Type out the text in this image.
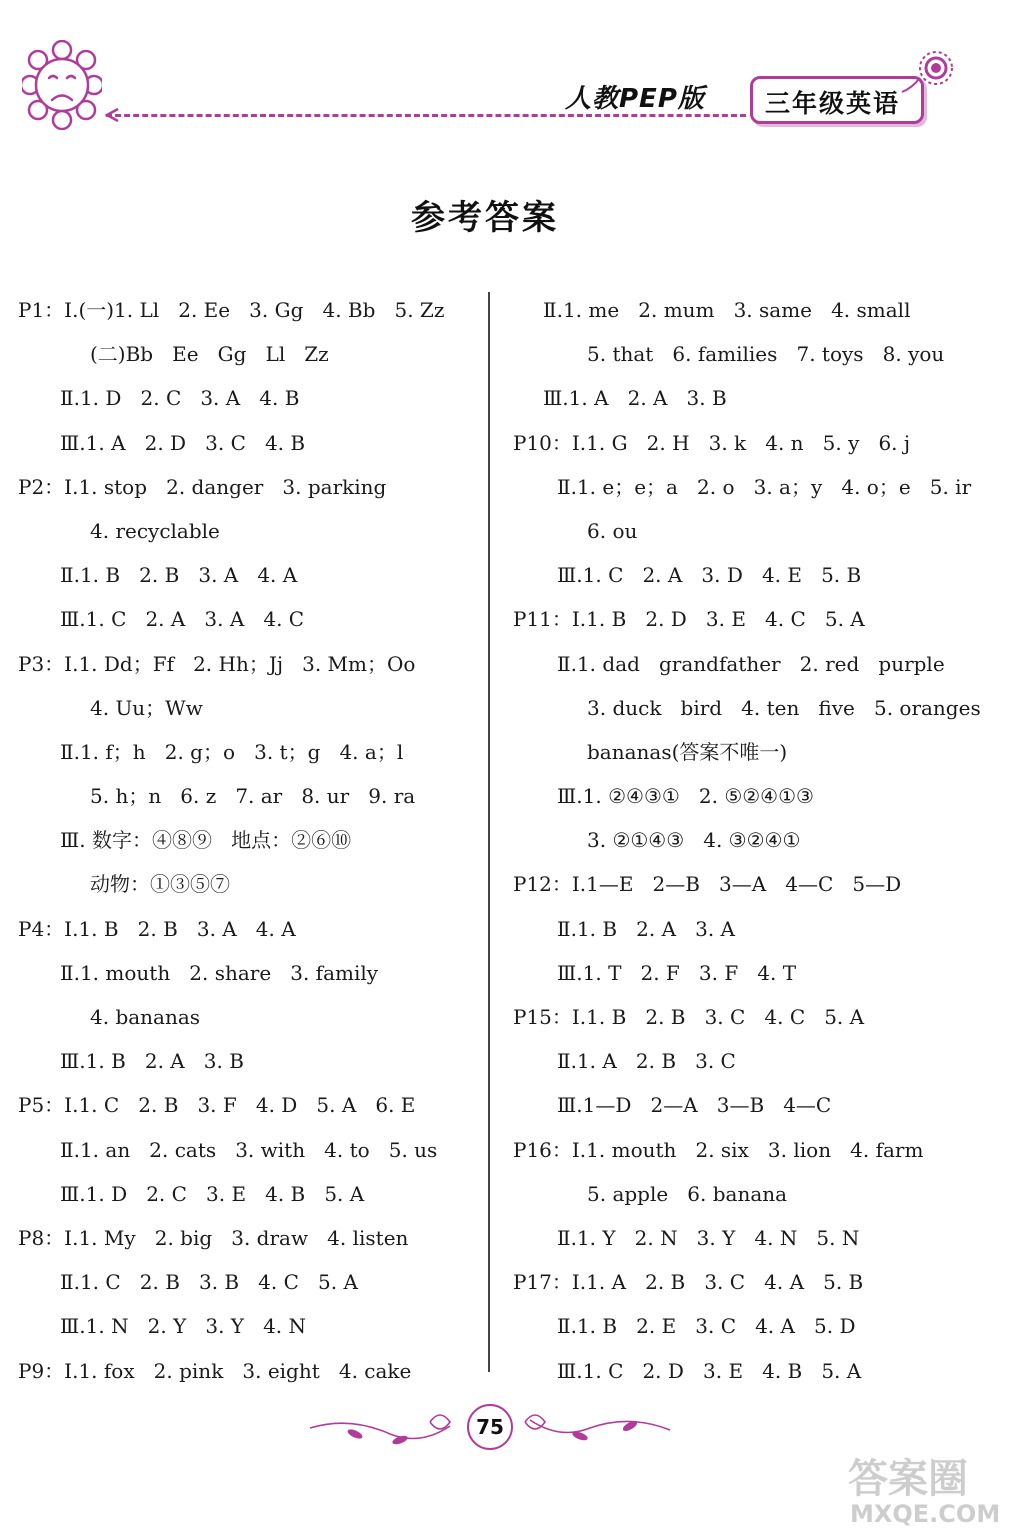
人教PEP版 三年级英语
参考答案
P1：Ⅰ.(一)1. Ll   2. Ee   3. Gg   4. Bb   5. Zz
(二)Bb   Ee   Gg   Ll   Zz
Ⅱ.1. D   2. C   3. A   4. B
Ⅲ.1. A   2. D   3. C   4. B
P2：Ⅰ.1. stop   2. danger   3. parking
4. recyclable
Ⅱ.1. B   2. B   3. A   4. A
Ⅲ.1. C   2. A   3. A   4. C
P3：Ⅰ.1. Dd；Ff   2. Hh；Jj   3. Mm；Oo
4. Uu；Ww
Ⅱ.1. f；h   2. g；o   3. t；g   4. a；l
5. h；n   6. z   7. ar   8. ur   9. ra
Ⅲ. 数字：④⑧⑨   地点：②⑥⑩
动物：①③⑤⑦
P4：Ⅰ.1. B   2. B   3. A   4. A
Ⅱ.1. mouth   2. share   3. family
4. bananas
Ⅲ.1. B   2. A   3. B
P5：Ⅰ.1. C   2. B   3. F   4. D   5. A   6. E
Ⅱ.1. an   2. cats   3. with   4. to   5. us
Ⅲ.1. D   2. C   3. E   4. B   5. A
P8：Ⅰ.1. My   2. big   3. draw   4. listen
Ⅱ.1. C   2. B   3. B   4. C   5. A
Ⅲ.1. N   2. Y   3. Y   4. N
P9：Ⅰ.1. fox   2. pink   3. eight   4. cake
Ⅱ.1. me   2. mum   3. same   4. small
5. that   6. families   7. toys   8. you
Ⅲ.1. A   2. A   3. B
P10：Ⅰ.1. G   2. H   3. k   4. n   5. y   6. j
Ⅱ.1. e；e；a   2. o   3. a；y   4. o；e   5. ir
6. ou
Ⅲ.1. C   2. A   3. D   4. E   5. B
P11：Ⅰ.1. B   2. D   3. E   4. C   5. A
Ⅱ.1. dad   grandfather   2. red   purple
3. duck   bird   4. ten   five   5. oranges
bananas(答案不唯一)
Ⅲ.1. ②④③①   2. ⑤②④①③
3. ②①④③   4. ③②④①
P12：Ⅰ.1—E   2—B   3—A   4—C   5—D
Ⅱ.1. B   2. A   3. A
Ⅲ.1. T   2. F   3. F   4. T
P15：Ⅰ.1. B   2. B   3. C   4. C   5. A
Ⅱ.1. A   2. B   3. C
Ⅲ.1—D   2—A   3—B   4—C
P16：Ⅰ.1. mouth   2. six   3. lion   4. farm
5. apple   6. banana
Ⅱ.1. Y   2. N   3. Y   4. N   5. N
P17：Ⅰ.1. A   2. B   3. C   4. A   5. B
Ⅱ.1. B   2. E   3. C   4. A   5. D
Ⅲ.1. C   2. D   3. E   4. B   5. A
75
答案圈
MXQE.COM
